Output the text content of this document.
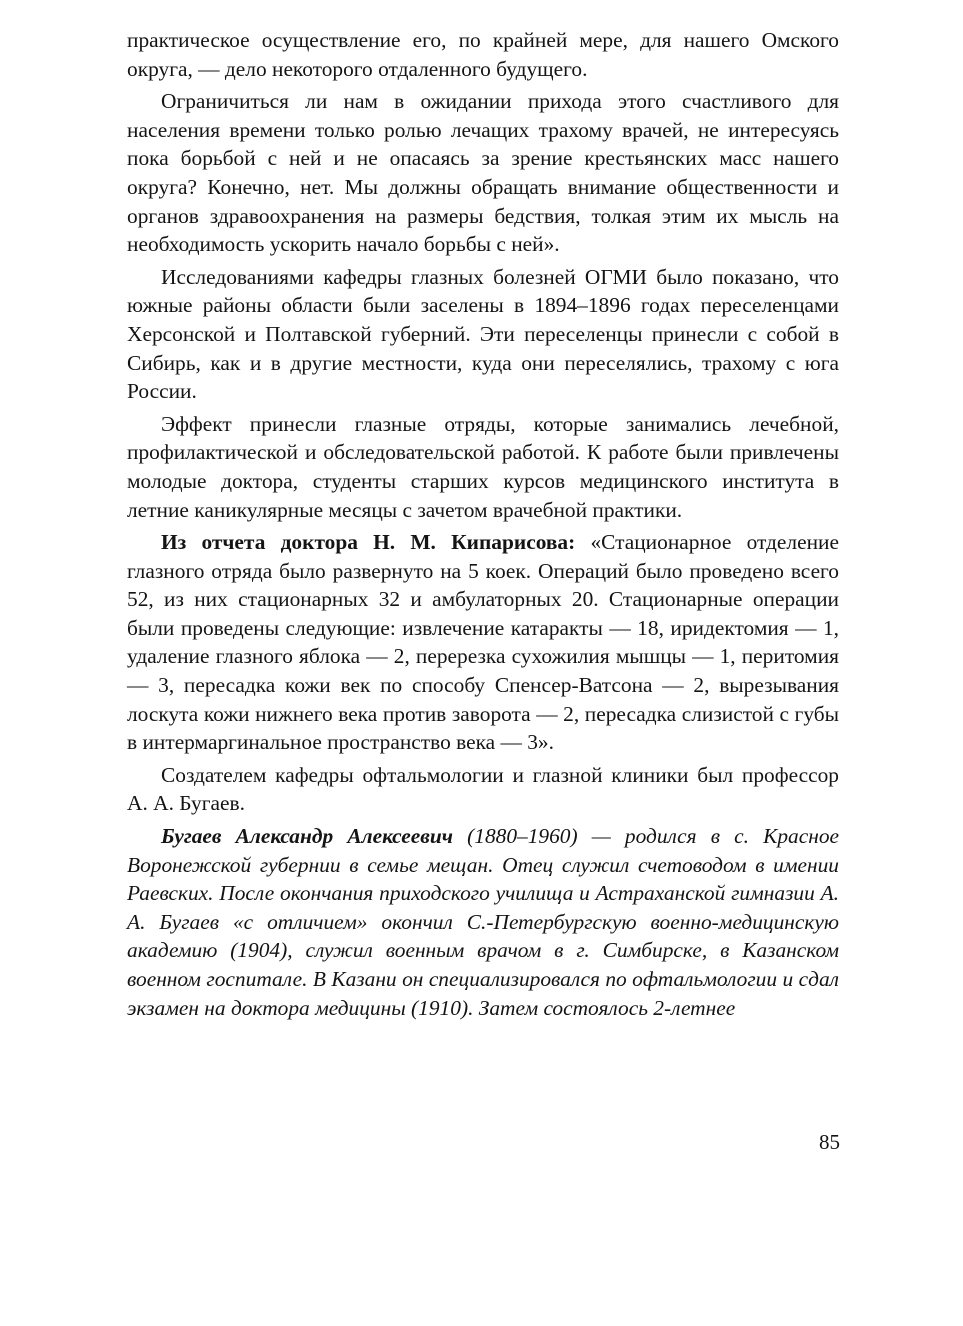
практическое осуществление его, по крайней мере, для нашего Омского округа, — дело некоторого отдаленного будущего.

Ограничиться ли нам в ожидании прихода этого счастливого для населения времени только ролью лечащих трахому врачей, не интересуясь пока борьбой с ней и не опасаясь за зрение крестьянских масс нашего округа? Конечно, нет. Мы должны обращать внимание общественности и органов здравоохранения на размеры бедствия, толкая этим их мысль на необходимость ускорить начало борьбы с ней».

Исследованиями кафедры глазных болезней ОГМИ было показано, что южные районы области были заселены в 1894–1896 годах переселенцами Херсонской и Полтавской губерний. Эти переселенцы принесли с собой в Сибирь, как и в другие местности, куда они переселялись, трахому с юга России.

Эффект принесли глазные отряды, которые занимались лечебной, профилактической и обследовательской работой. К работе были привлечены молодые доктора, студенты старших курсов медицинского института в летние каникулярные месяцы с зачетом врачебной практики.

Из отчета доктора Н. М. Кипарисова: «Стационарное отделение глазного отряда было развернуто на 5 коек. Операций было проведено всего 52, из них стационарных 32 и амбулаторных 20. Стационарные операции были проведены следующие: извлечение катаракты — 18, иридектомия — 1, удаление глазного яблока — 2, перерезка сухожилия мышцы — 1, перитомия — 3, пересадка кожи век по способу Спенсер-Ватсона — 2, вырезывания лоскута кожи нижнего века против заворота — 2, пересадка слизистой с губы в интермаргинальное пространство века — 3».

Создателем кафедры офтальмологии и глазной клиники был профессор А. А. Бугаев.

Бугаев Александр Алексеевич (1880–1960) — родился в с. Красное Воронежской губернии в семье мещан. Отец служил счетоводом в имении Раевских. После окончания приходского училища и Астраханской гимназии А. А. Бугаев «с отличием» окончил С.-Петербургскую военно-медицинскую академию (1904), служил военным врачом в г. Симбирске, в Казанском военном госпитале. В Казани он специализировался по офтальмологии и сдал экзамен на доктора медицины (1910). Затем состоялось 2-летнее

85
